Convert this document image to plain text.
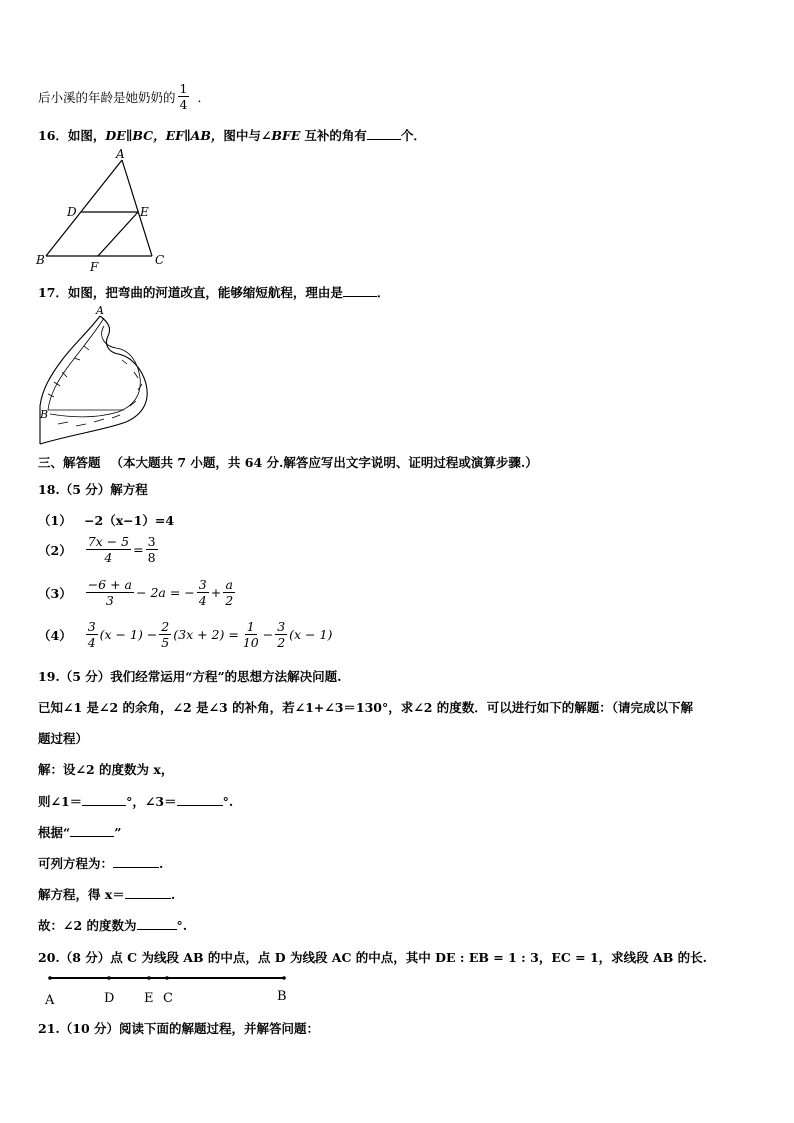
后小溪的年龄是她奶奶的 $\frac{1}{4}$ ．
16．如图，DE∥BC，EF∥AB，图中与∠BFE 互补的角有	个．
A
D	E
B	F	C
17．如图，把弯曲的河道改直，能够缩短航程，理由是	．
A
B
三、解答题 （本大题共 7 小题，共 64 分.解答应写出文字说明、证明过程或演算步骤.）
18.（5 分）解方程
（1） −2（x−1）=4
$(2) \frac{7x - 5}{4} = \frac{3}{8}$
$(3) \frac{-6 + a}{3} - 2a$ = − $\frac{3}{4} + \frac{a}{2}$
$(4) \frac{3}{4} (x - 1) - \frac{2}{5} (3x + 2) = \frac{1}{10} - \frac{3}{2} (x - 1)$
19.（5 分）我们经常运用“方程”的思想方法解决问题.
已知∠1 是∠2 的余角，∠2 是∠3 的补角，若∠1+∠3＝130°，求∠2 的度数．可以进行如下的解题：（请完成以下解
题过程）
解：设∠2 的度数为 x，
则∠1＝	°，∠3＝	°.
根据“	”
可列方程为：	.
解方程，得 x＝	.
故：∠2 的度数为	°.
20.（8 分）点 C 为线段 AB 的中点，点 D 为线段 AC 的中点，其中 DE : EB = 1 : 3，EC = 1，求线段 AB 的长.
A	D E C	B
21.（10 分）阅读下面的解题过程，并解答问题：
